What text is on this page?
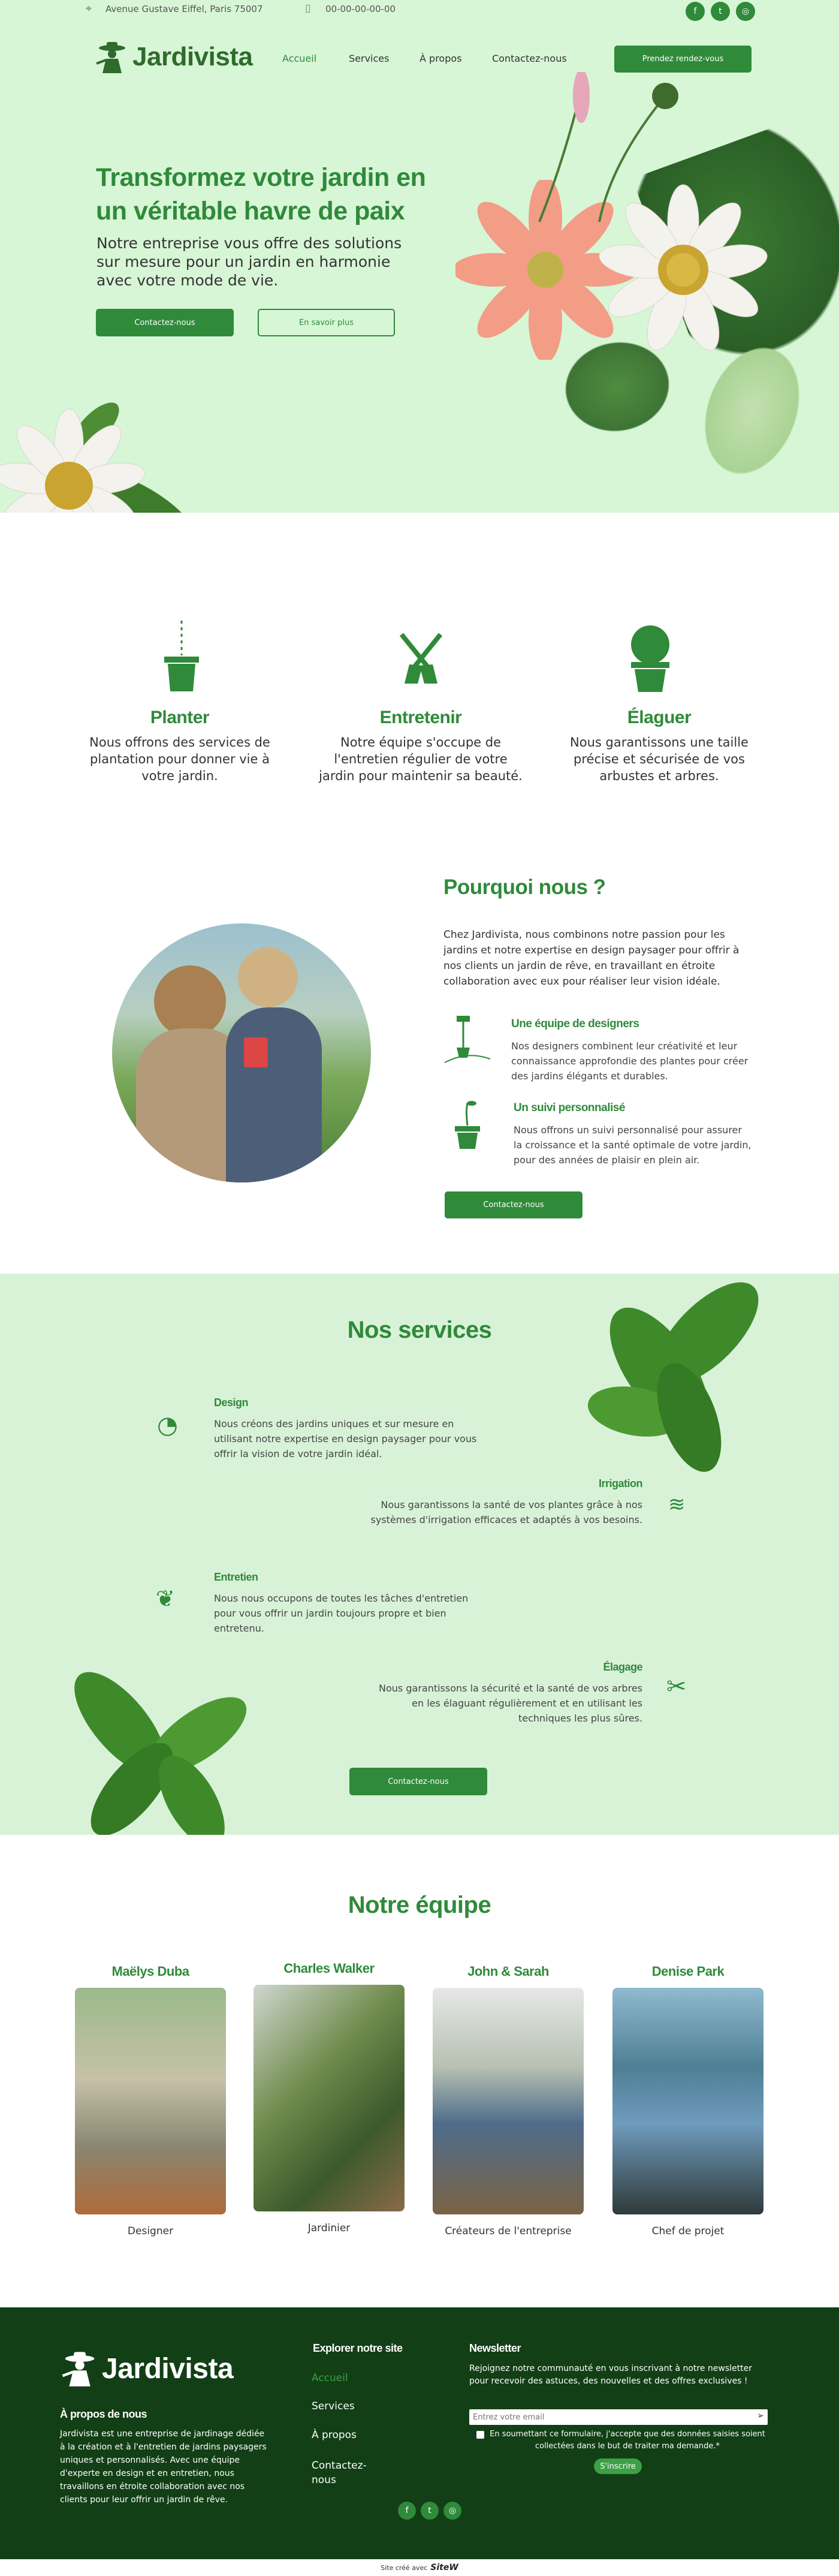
⌖ Avenue Gustave Eiffel, Paris 75007	▯ 00-00-00-00-00	f	t	◎
Jardivista	Accueil	Services	À propos	Contactez-nous	Prendez rendez-vous
Transformez votre jardin en
un véritable havre de paix

Notre entreprise vous offre des solutions sur mesure pour un jardin en harmonie avec votre mode de vie.

Contactez-nous	En savoir plus
Planter

Nous offrons des services de plantation pour donner vie à votre jardin.

Entretenir

Notre équipe s'occupe de l'entretien régulier de votre jardin pour maintenir sa beauté.

Élaguer

Nous garantissons une taille précise et sécurisée de vos arbustes et arbres.

Pourquoi nous ?

Chez Jardivista, nous combinons notre passion pour les jardins et notre expertise en design paysager pour offrir à nos clients un jardin de rêve, en travaillant en étroite collaboration avec eux pour réaliser leur vision idéale.

Une équipe de designers

Nos designers combinent leur créativité et leur connaissance approfondie des plantes pour créer des jardins élégants et durables.

Un suivi personnalisé

Nous offrons un suivi personnalisé pour assurer la croissance et la santé optimale de votre jardin, pour des années de plaisir en plein air.

Contactez-nous
Nos services
◔
Design

Nous créons des jardins uniques et sur mesure en utilisant notre expertise en design paysager pour vous offrir la vision de votre jardin idéal.

Irrigation

Nous garantissons la santé de vos plantes grâce à nos systèmes d'irrigation efficaces et adaptés à vos besoins.

≋
❦
Entretien

Nous nous occupons de toutes les tâches d'entretien pour vous offrir un jardin toujours propre et bien entretenu.

Élagage

Nous garantissons la sécurité et la santé de vos arbres en les élaguant régulièrement et en utilisant les techniques les plus sûres.

✂
Contactez-nous
Notre équipe
Maëlys Duba

Designer

Charles Walker

Jardinier

John & Sarah

Créateurs de l'entreprise

Denise Park

Chef de projet

Jardivista
À propos de nous

Jardivista est une entreprise de jardinage dédiée à la création et à l'entretien de jardins paysagers uniques et personnalisés. Avec une équipe d'experte en design et en entretien, nous travaillons en étroite collaboration avec nos clients pour leur offrir un jardin de rêve.

Explorer notre site
Accueil
Services
À propos
Contactez-nous
Newsletter

Rejoignez notre communauté en vous inscrivant à notre newsletter pour recevoir des astuces, des nouvelles et des offres exclusives !

Entrez votre email
➢

En soumettant ce formulaire, j'accepte que des données saisies soient collectées dans le but de traiter ma demande.*

S'inscrire
f	t	◎
Site créé avec SiteW
